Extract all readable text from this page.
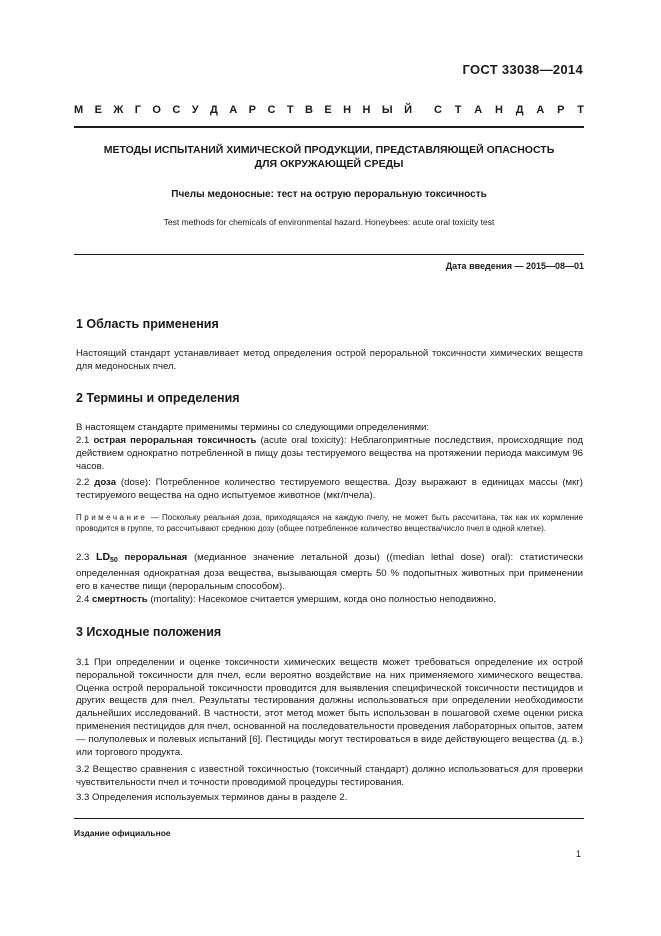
ГОСТ 33038—2014
М Е Ж Г О С У Д А Р С Т В Е Н Н Ы Й С Т А Н Д А Р Т
МЕТОДЫ ИСПЫТАНИЙ ХИМИЧЕСКОЙ ПРОДУКЦИИ, ПРЕДСТАВЛЯЮЩЕЙ ОПАСНОСТЬ
ДЛЯ ОКРУЖАЮЩЕЙ СРЕДЫ
Пчелы медоносные: тест на острую пероральную токсичность
Test methods for chemicals of environmental hazard. Honeybees: acute oral toxicity test
Дата введения — 2015—08—01
1 Область применения
Настоящий стандарт устанавливает метод определения острой пероральной токсичности химических веществ для медоносных пчел.
2 Термины и определения
В настоящем стандарте применимы термины со следующими определениями:
2.1 острая пероральная токсичность (acute oral toxicity): Неблагоприятные последствия, происходящие под действием однократно потребленной в пищу дозы тестируемого вещества на протяжении периода максимум 96 часов.
2.2 доза (dose): Потребленное количество тестируемого вещества. Дозу выражают в единицах массы (мкг) тестируемого вещества на одно испытуемое животное (мкг/пчела).
Примечание — Поскольку реальная доза, приходящаяся на каждую пчелу, не может быть рассчитана, так как их кормление проводится в группе, то рассчитывают среднюю дозу (общее потребленное количество вещества/число пчел в одной клетке).
2.3 $LD_{50}$ пероральная (медианное значение летальной дозы) ((median lethal dose) oral): статистически определенная однократная доза вещества, вызывающая смерть 50 % подопытных животных при применении его в качестве пищи (пероральным способом).
2.4 смертность (mortality): Насекомое считается умершим, когда оно полностью неподвижно.
3 Исходные положения
3.1 При определении и оценке токсичности химических веществ может требоваться определение их острой пероральной токсичности для пчел, если вероятно воздействие на них применяемого химического вещества. Оценка острой пероральной токсичности проводится для выявления специфической токсичности пестицидов и других веществ для пчел. Результаты тестирования должны использоваться при определении необходимости дальнейших исследований. В частности, этот метод может быть использован в пошаговой схеме оценки риска применения пестицидов для пчел, основанной на последовательности проведения лабораторных опытов, затем — полуполевых и полевых испытаний [6]. Пестициды могут тестироваться в виде действующего вещества (д. в.) или торгового продукта.
3.2 Вещество сравнения с известной токсичностью (токсичный стандарт) должно использоваться для проверки чувствительности пчел и точности проводимой процедуры тестирования.
3.3 Определения используемых терминов даны в разделе 2.
Издание официальное
1
